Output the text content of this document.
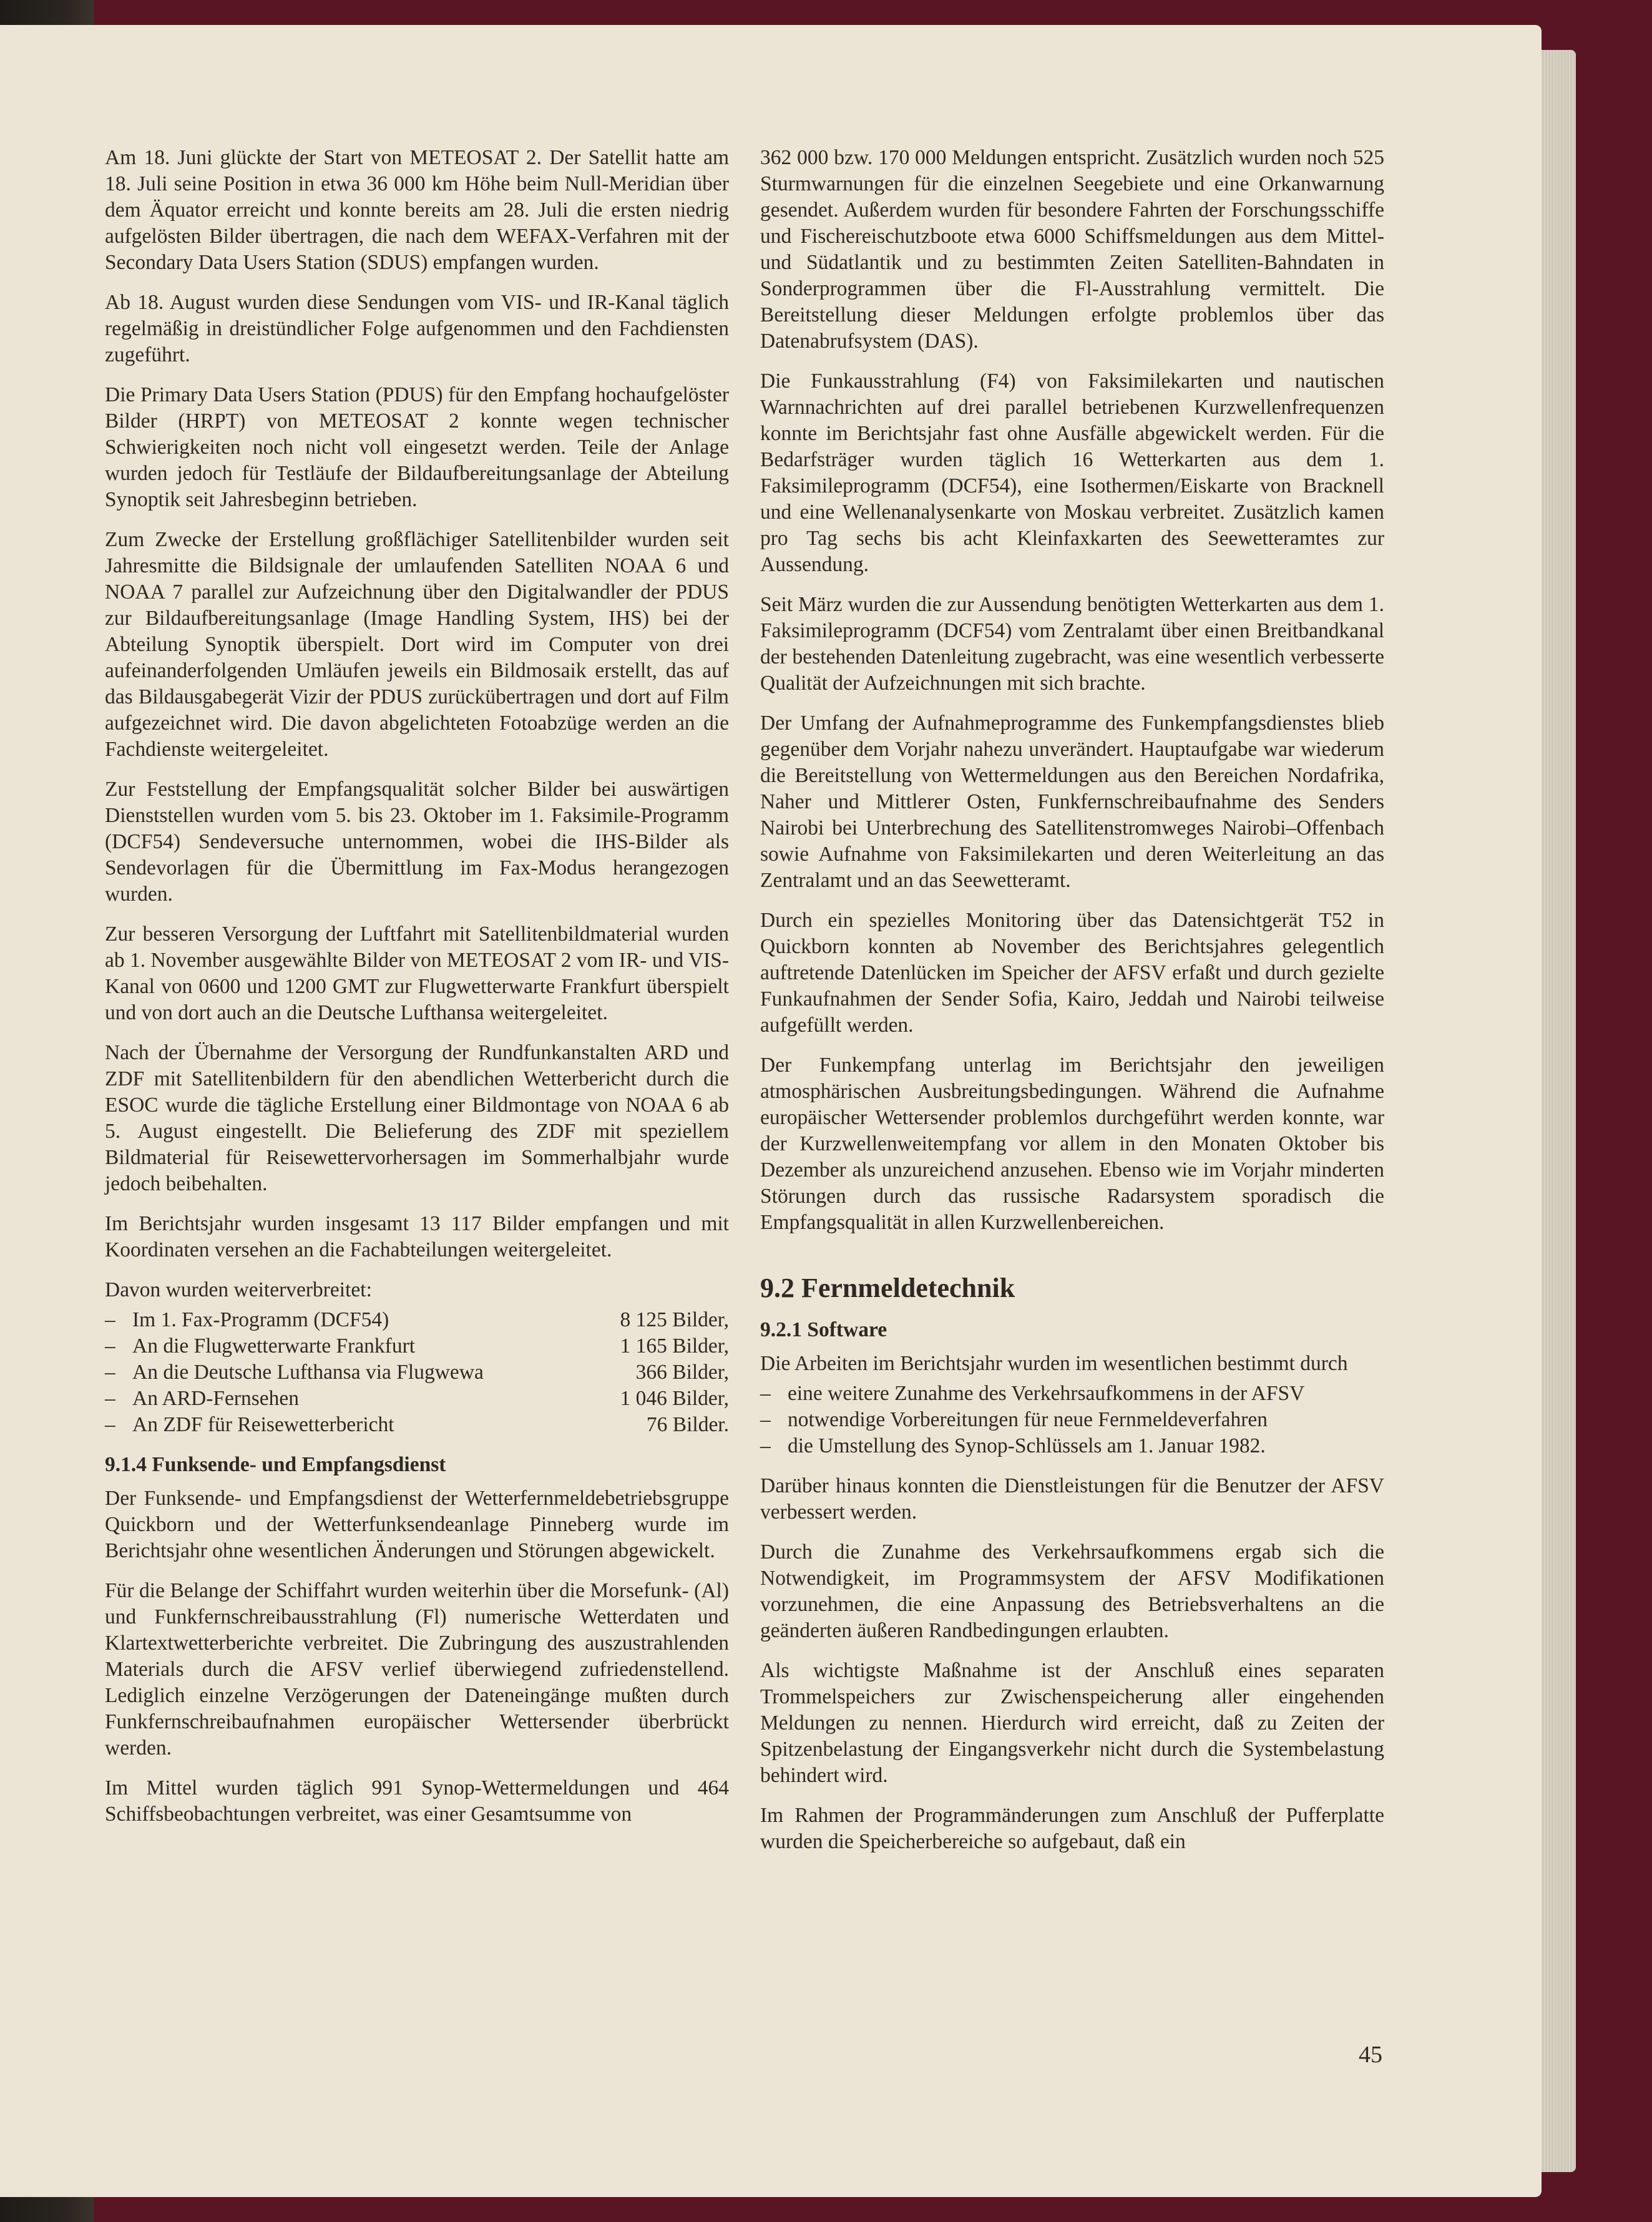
Am 18. Juni glückte der Start von METEOSAT 2. Der Satellit hatte am 18. Juli seine Position in etwa 36 000 km Höhe beim Null-Meridian über dem Äquator erreicht und konnte bereits am 28. Juli die ersten niedrig aufgelösten Bilder übertragen, die nach dem WEFAX-Verfahren mit der Secondary Data Users Station (SDUS) empfangen wurden.

Ab 18. August wurden diese Sendungen vom VIS- und IR-Kanal täglich regelmäßig in dreistündlicher Folge aufgenommen und den Fachdiensten zugeführt.

Die Primary Data Users Station (PDUS) für den Empfang hochaufgelöster Bilder (HRPT) von METEOSAT 2 konnte wegen technischer Schwierigkeiten noch nicht voll eingesetzt werden. Teile der Anlage wurden jedoch für Testläufe der Bildaufbereitungsanlage der Abteilung Synoptik seit Jahresbeginn betrieben.

Zum Zwecke der Erstellung großflächiger Satellitenbilder wurden seit Jahresmitte die Bildsignale der umlaufenden Satelliten NOAA 6 und NOAA 7 parallel zur Aufzeichnung über den Digitalwandler der PDUS zur Bildaufbereitungsanlage (Image Handling System, IHS) bei der Abteilung Synoptik überspielt. Dort wird im Computer von drei aufeinanderfolgenden Umläufen jeweils ein Bildmosaik erstellt, das auf das Bildausgabegerät Vizir der PDUS zurückübertragen und dort auf Film aufgezeichnet wird. Die davon abgelichteten Fotoabzüge werden an die Fachdienste weitergeleitet.

Zur Feststellung der Empfangsqualität solcher Bilder bei auswärtigen Dienststellen wurden vom 5. bis 23. Oktober im 1. Faksimile-Programm (DCF54) Sendeversuche unternommen, wobei die IHS-Bilder als Sendevorlagen für die Übermittlung im Fax-Modus herangezogen wurden.

Zur besseren Versorgung der Luftfahrt mit Satellitenbildmaterial wurden ab 1. November ausgewählte Bilder von METEOSAT 2 vom IR- und VIS-Kanal von 0600 und 1200 GMT zur Flugwetterwarte Frankfurt überspielt und von dort auch an die Deutsche Lufthansa weitergeleitet.

Nach der Übernahme der Versorgung der Rundfunkanstalten ARD und ZDF mit Satellitenbildern für den abendlichen Wetterbericht durch die ESOC wurde die tägliche Erstellung einer Bildmontage von NOAA 6 ab 5. August eingestellt. Die Belieferung des ZDF mit speziellem Bildmaterial für Reisewettervorhersagen im Sommerhalbjahr wurde jedoch beibehalten.

Im Berichtsjahr wurden insgesamt 13 117 Bilder empfangen und mit Koordinaten versehen an die Fachabteilungen weitergeleitet.

Davon wurden weiterverbreitet:

– Im 1. Fax-Programm (DCF54)	8 125 Bilder,
– An die Flugwetterwarte Frankfurt	1 165 Bilder,
– An die Deutsche Lufthansa via Flugwewa	366 Bilder,
– An ARD-Fernsehen	1 046 Bilder,
– An ZDF für Reisewetterbericht	76 Bilder.
9.1.4 Funksende- und Empfangsdienst

Der Funksende- und Empfangsdienst der Wetterfernmeldebetriebsgruppe Quickborn und der Wetterfunksendeanlage Pinneberg wurde im Berichtsjahr ohne wesentlichen Änderungen und Störungen abgewickelt.

Für die Belange der Schiffahrt wurden weiterhin über die Morsefunk- (Al) und Funkfernschreibausstrahlung (Fl) numerische Wetterdaten und Klartextwetterberichte verbreitet. Die Zubringung des auszustrahlenden Materials durch die AFSV verlief überwiegend zufriedenstellend. Lediglich einzelne Verzögerungen der Dateneingänge mußten durch Funkfernschreibaufnahmen europäischer Wettersender überbrückt werden.

Im Mittel wurden täglich 991 Synop-Wettermeldungen und 464 Schiffsbeobachtungen verbreitet, was einer Gesamtsumme von

362 000 bzw. 170 000 Meldungen entspricht. Zusätzlich wurden noch 525 Sturmwarnungen für die einzelnen Seegebiete und eine Orkanwarnung gesendet. Außerdem wurden für besondere Fahrten der Forschungsschiffe und Fischereischutzboote etwa 6000 Schiffsmeldungen aus dem Mittel- und Südatlantik und zu bestimmten Zeiten Satelliten-Bahndaten in Sonderprogrammen über die Fl-Ausstrahlung vermittelt. Die Bereitstellung dieser Meldungen erfolgte problemlos über das Datenabrufsystem (DAS).

Die Funkausstrahlung (F4) von Faksimilekarten und nautischen Warnnachrichten auf drei parallel betriebenen Kurzwellenfrequenzen konnte im Berichtsjahr fast ohne Ausfälle abgewickelt werden. Für die Bedarfsträger wurden täglich 16 Wetterkarten aus dem 1. Faksimileprogramm (DCF54), eine Isothermen/Eiskarte von Bracknell und eine Wellenanalysenkarte von Moskau verbreitet. Zusätzlich kamen pro Tag sechs bis acht Kleinfaxkarten des Seewetteramtes zur Aussendung.

Seit März wurden die zur Aussendung benötigten Wetterkarten aus dem 1. Faksimileprogramm (DCF54) vom Zentralamt über einen Breitbandkanal der bestehenden Datenleitung zugebracht, was eine wesentlich verbesserte Qualität der Aufzeichnungen mit sich brachte.

Der Umfang der Aufnahmeprogramme des Funkempfangsdienstes blieb gegenüber dem Vorjahr nahezu unverändert. Hauptaufgabe war wiederum die Bereitstellung von Wettermeldungen aus den Bereichen Nordafrika, Naher und Mittlerer Osten, Funkfernschreibaufnahme des Senders Nairobi bei Unterbrechung des Satellitenstromweges Nairobi–Offenbach sowie Aufnahme von Faksimilekarten und deren Weiterleitung an das Zentralamt und an das Seewetteramt.

Durch ein spezielles Monitoring über das Datensichtgerät T52 in Quickborn konnten ab November des Berichtsjahres gelegentlich auftretende Datenlücken im Speicher der AFSV erfaßt und durch gezielte Funkaufnahmen der Sender Sofia, Kairo, Jeddah und Nairobi teilweise aufgefüllt werden.

Der Funkempfang unterlag im Berichtsjahr den jeweiligen atmosphärischen Ausbreitungsbedingungen. Während die Aufnahme europäischer Wettersender problemlos durchgeführt werden konnte, war der Kurzwellenweitempfang vor allem in den Monaten Oktober bis Dezember als unzureichend anzusehen. Ebenso wie im Vorjahr minderten Störungen durch das russische Radarsystem sporadisch die Empfangsqualität in allen Kurzwellenbereichen.

9.2 Fernmeldetechnik
9.2.1 Software

Die Arbeiten im Berichtsjahr wurden im wesentlichen bestimmt durch

– eine weitere Zunahme des Verkehrsaufkommens in der AFSV
– notwendige Vorbereitungen für neue Fernmeldeverfahren
– die Umstellung des Synop-Schlüssels am 1. Januar 1982.

Darüber hinaus konnten die Dienstleistungen für die Benutzer der AFSV verbessert werden.

Durch die Zunahme des Verkehrsaufkommens ergab sich die Notwendigkeit, im Programmsystem der AFSV Modifikationen vorzunehmen, die eine Anpassung des Betriebsverhaltens an die geänderten äußeren Randbedingungen erlaubten.

Als wichtigste Maßnahme ist der Anschluß eines separaten Trommelspeichers zur Zwischenspeicherung aller eingehenden Meldungen zu nennen. Hierdurch wird erreicht, daß zu Zeiten der Spitzenbelastung der Eingangsverkehr nicht durch die Systembelastung behindert wird.

Im Rahmen der Programmänderungen zum Anschluß der Pufferplatte wurden die Speicherbereiche so aufgebaut, daß ein

45
